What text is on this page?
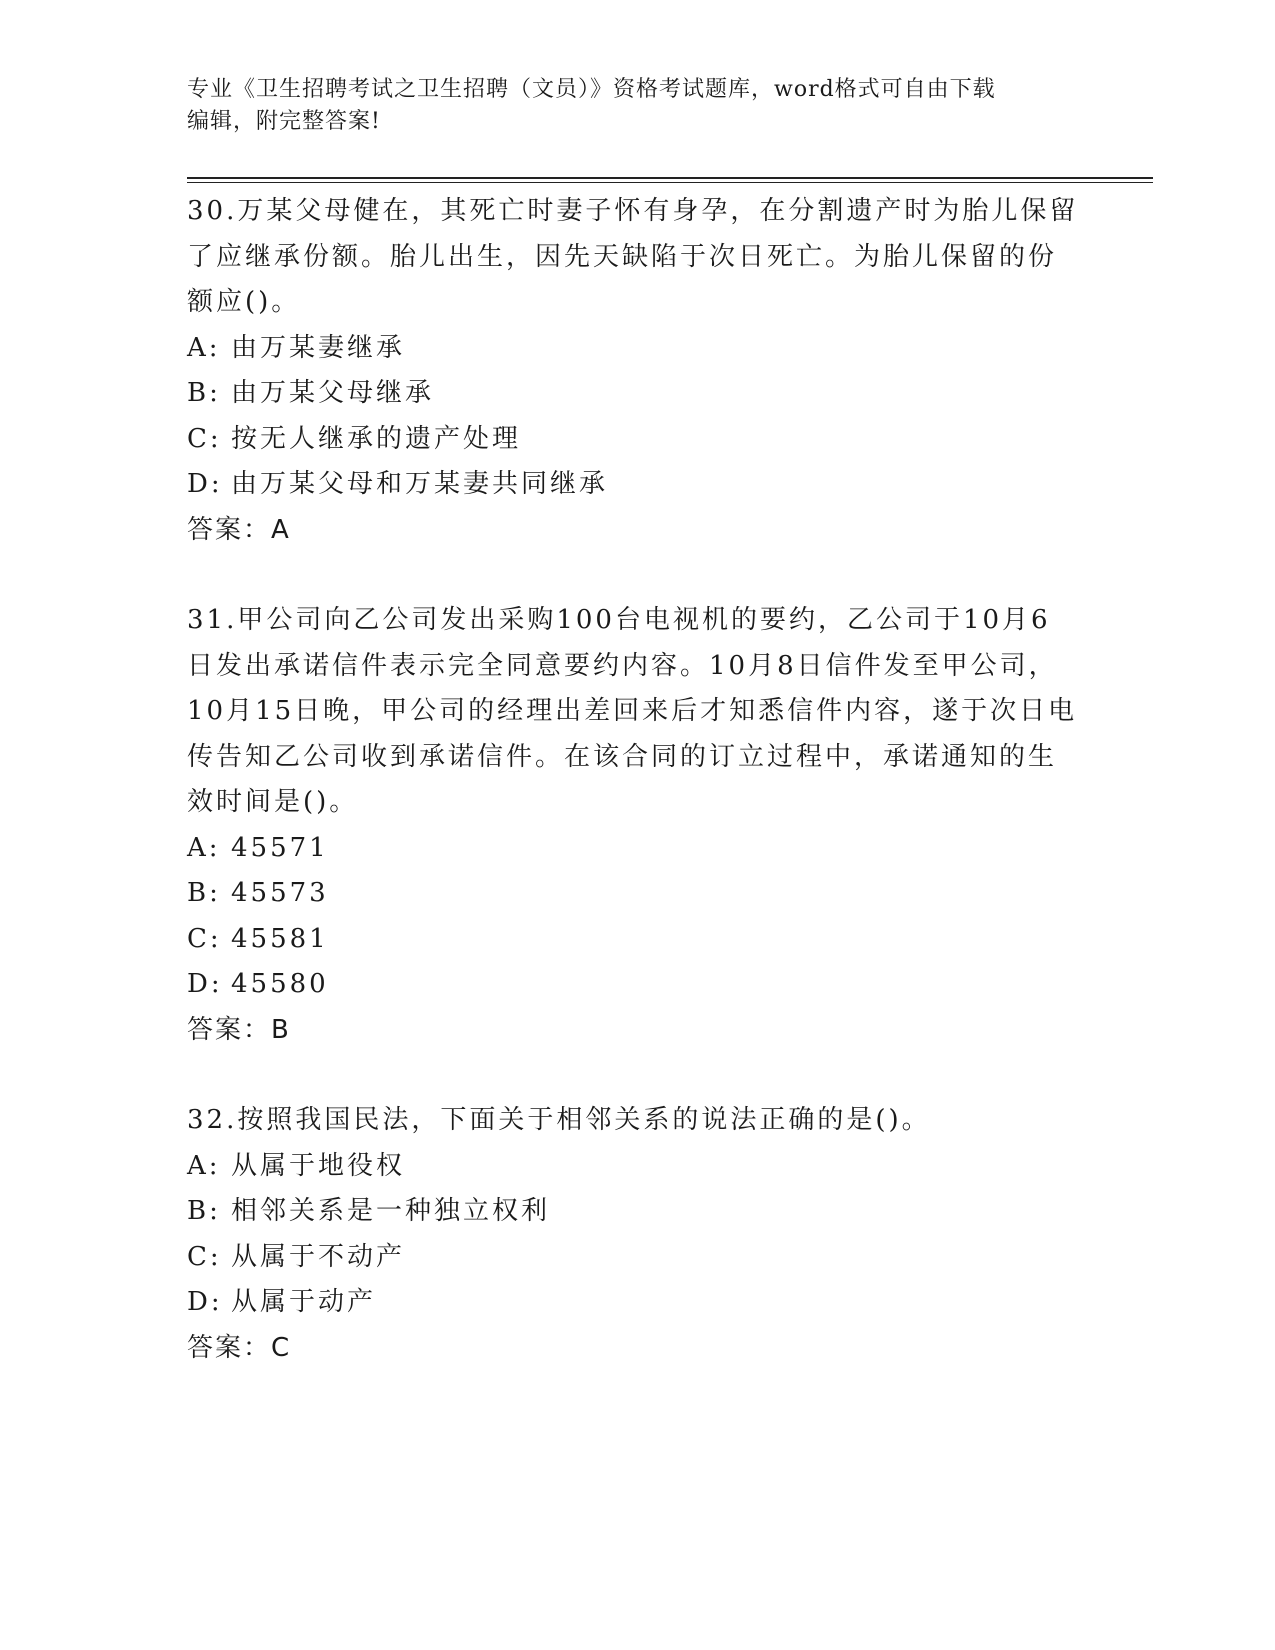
专业《卫生招聘考试之卫生招聘（文员）》资格考试题库，word格式可自由下载
编辑，附完整答案!

30.万某父母健在，其死亡时妻子怀有身孕，在分割遗产时为胎儿保留

了应继承份额。胎儿出生，因先天缺陷于次日死亡。为胎儿保留的份

额应()。

A: 由万某妻继承

B: 由万某父母继承

C: 按无人继承的遗产处理

D: 由万某父母和万某妻共同继承

答案：A

31.甲公司向乙公司发出采购100台电视机的要约，乙公司于10月6

日发出承诺信件表示完全同意要约内容。10月8日信件发至甲公司，

10月15日晚，甲公司的经理出差回来后才知悉信件内容，遂于次日电

传告知乙公司收到承诺信件。在该合同的订立过程中，承诺通知的生

效时间是()。

A: 45571

B: 45573

C: 45581

D: 45580

答案：B

32.按照我国民法，下面关于相邻关系的说法正确的是()。

A: 从属于地役权

B: 相邻关系是一种独立权利

C: 从属于不动产

D: 从属于动产

答案：C
